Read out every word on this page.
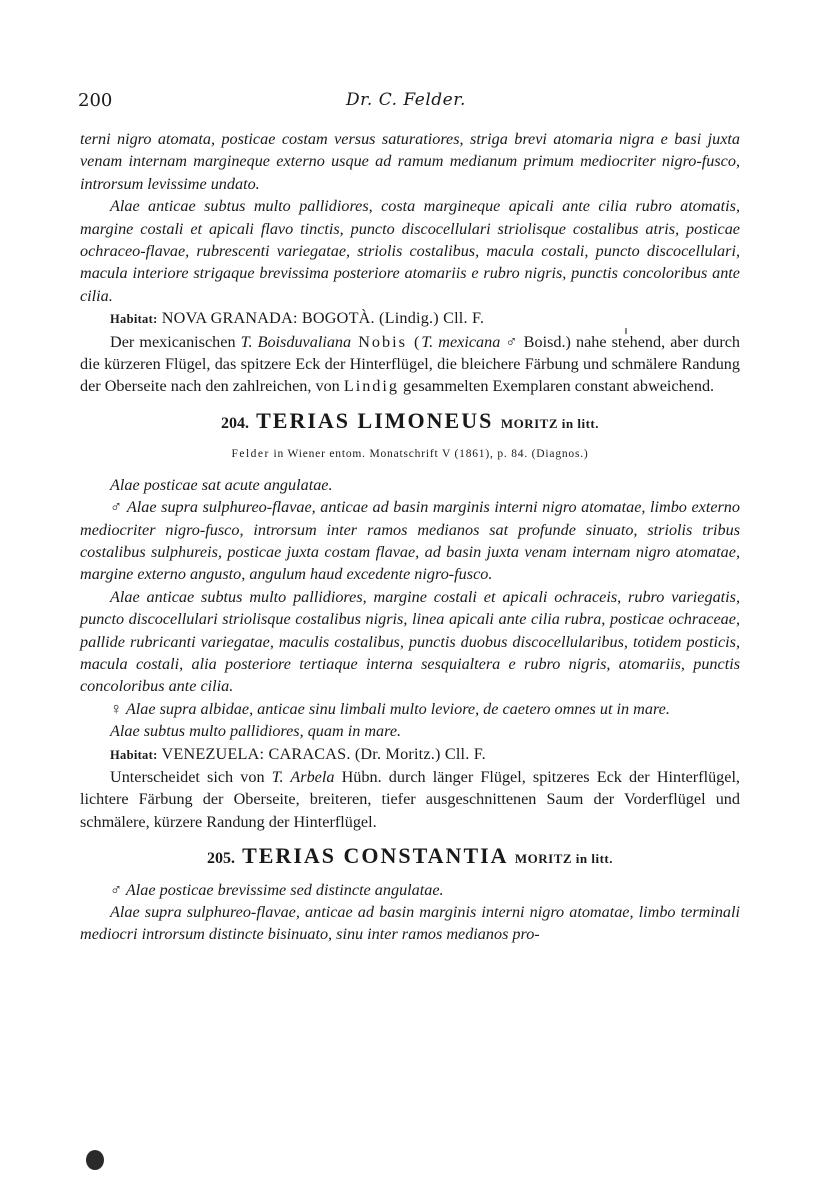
200	Dr. C. Felder.

terni nigro atomata, posticae costam versus saturatiores, striga brevi atomaria nigra e basi juxta venam internam margineque externo usque ad ramum medianum primum mediocriter nigro-fusco, introrsum levissime undato.

Alae anticae subtus multo pallidiores, costa margineque apicali ante cilia rubro atomatis, margine costali et apicali flavo tinctis, puncto discocellulari striolisque costalibus atris, posticae ochraceo-flavae, rubrescenti variegatae, striolis costalibus, macula costali, puncto discocellulari, macula interiore strigaque brevissima posteriore atomariis e rubro nigris, punctis concoloribus ante cilia.

Habitat: NOVA GRANADA: BOGOTÀ. (Lindig.) Cll. F.

Der mexicanischen T. Boisduvaliana Nobis (T. mexicana ♂ Boisd.) nahe stehend, aber durch die kürzeren Flügel, das spitzere Eck der Hinterflügel, die bleichere Färbung und schmälere Randung der Oberseite nach den zahlreichen, von Lindig gesammelten Exemplaren constant abweichend.

204. TERIAS LIMONEUS MORITZ in litt.
Felder in Wiener entom. Monatschrift V (1861), p. 84. (Diagnos.)

Alae posticae sat acute angulatae.

♂ Alae supra sulphureo-flavae, anticae ad basin marginis interni nigro atomatae, limbo externo mediocriter nigro-fusco, introrsum inter ramos medianos sat profunde sinuato, striolis tribus costalibus sulphureis, posticae juxta costam flavae, ad basin juxta venam internam nigro atomatae, margine externo angusto, angulum haud excedente nigro-fusco.

Alae anticae subtus multo pallidiores, margine costali et apicali ochraceis, rubro variegatis, puncto discocellulari striolisque costalibus nigris, linea apicali ante cilia rubra, posticae ochraceae, pallide rubricanti variegatae, maculis costalibus, punctis duobus discocellularibus, totidem posticis, macula costali, alia posteriore tertiaque interna sesquialtera e rubro nigris, atomariis, punctis concoloribus ante cilia.

♀ Alae supra albidae, anticae sinu limbali multo leviore, de caetero omnes ut in mare.

Alae subtus multo pallidiores, quam in mare.

Habitat: VENEZUELA: CARACAS. (Dr. Moritz.) Cll. F.

Unterscheidet sich von T. Arbela Hübn. durch länger Flügel, spitzeres Eck der Hinterflügel, lichtere Färbung der Oberseite, breiteren, tiefer ausgeschnittenen Saum der Vorderflügel und schmälere, kürzere Randung der Hinterflügel.

205. TERIAS CONSTANTIA MORITZ in litt.

♂ Alae posticae brevissime sed distincte angulatae.

Alae supra sulphureo-flavae, anticae ad basin marginis interni nigro atomatae, limbo terminali mediocri introrsum distincte bisinuato, sinu inter ramos medianos pro-
